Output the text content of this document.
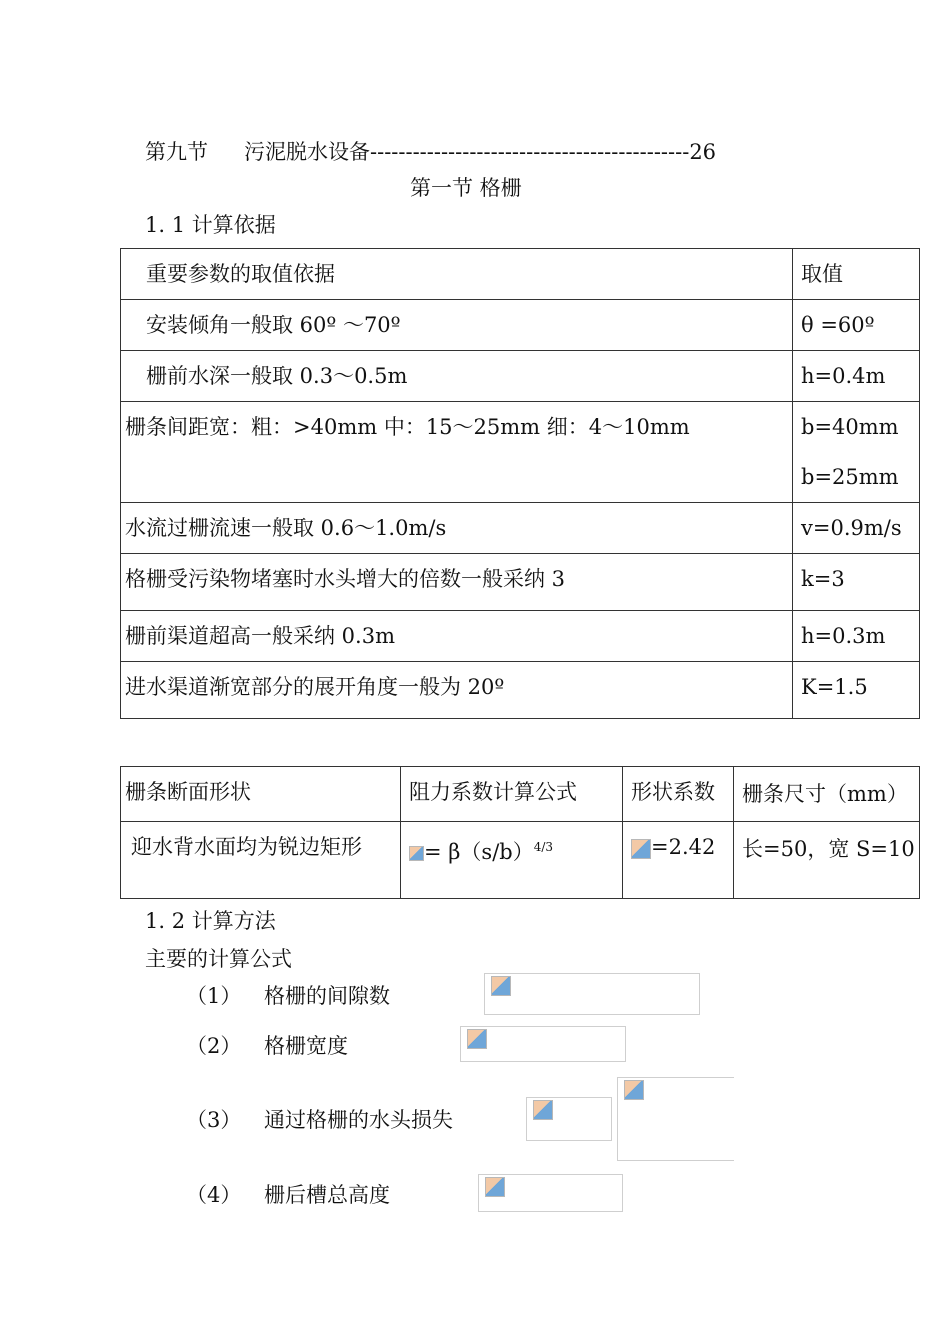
第九节 污泥脱水设备---------------------------------------------26
第一节 格栅
1. 1 计算依据
重要参数的取值依据	取值
安装倾角一般取 60º ～70º	θ =60º
栅前水深一般取 0.3～0.5m	h=0.4m
栅条间距宽：粗：>40mm 中：15～25mm 细：4～10mm	b=40mm
b=25mm

水流过栅流速一般取 0.6～1.0m/s	v=0.9m/s
格栅受污染物堵塞时水头增大的倍数一般采纳 3	k=3
栅前渠道超高一般采纳 0.3m	h=0.3m
进水渠道渐宽部分的展开角度一般为 20º	K=1.5
栅条断面形状	阻力系数计算公式	形状系数	栅条尺寸（mm）
迎水背水面均为锐边矩形	= $\beta(s/b)^{4/3}$	=2.42	长=50，宽 S=10
1. 2 计算方法
主要的计算公式
（1） 格栅的间隙数
（2） 格栅宽度
（3） 通过格栅的水头损失
（4） 栅后槽总高度
